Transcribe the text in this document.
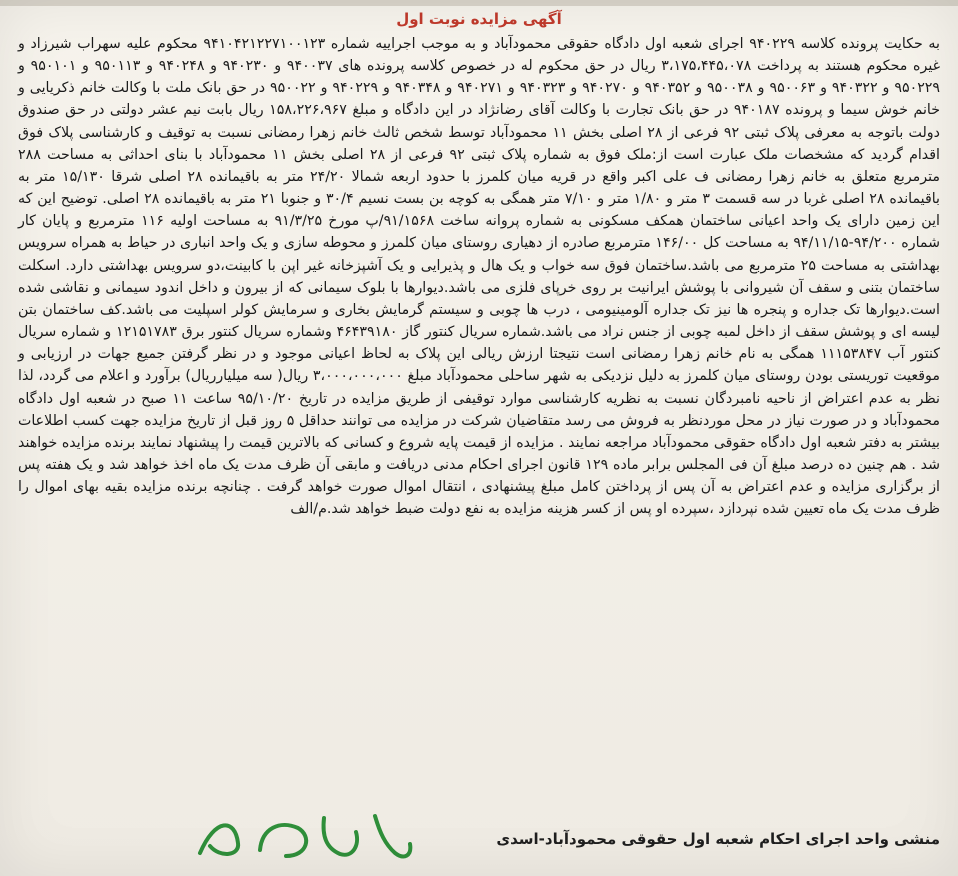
آگهی مزایده نوبت اول

به حکایت پرونده کلاسه ۹۴۰۲۲۹ اجرای شعبه اول دادگاه حقوقی محمودآباد و به موجب اجراییه شماره ۹۴۱۰۴۲۱۲۲۷۱۰۰۱۲۳ محکوم علیه سهراب شیرزاد و غیره محکوم هستند به پرداخت ۳،۱۷۵،۴۴۵،۰۷۸ ریال در حق محکوم له در خصوص کلاسه پرونده های ۹۴۰۰۳۷ و ۹۴۰۲۳۰ و ۹۴۰۲۴۸ و ۹۵۰۱۱۳ و ۹۵۰۱۰۱ و ۹۵۰۲۲۹ و ۹۴۰۳۲۲ و ۹۵۰۰۶۳ و ۹۵۰۰۳۸ و ۹۴۰۳۵۲ و ۹۴۰۲۷۰ و ۹۴۰۳۲۳ و ۹۴۰۲۷۱ و ۹۴۰۳۴۸ و ۹۴۰۲۲۹ و ۹۵۰۰۲۲ در حق بانک ملت با وکالت خانم ذکریایی و خانم خوش سیما و پرونده ۹۴۰۱۸۷ در حق بانک تجارت با وکالت آقای رضانژاد در این دادگاه و مبلغ ۱۵۸،۲۲۶،۹۶۷ ریال بابت نیم عشر دولتی در حق صندوق دولت باتوجه به معرفی پلاک ثبتی ۹۲ فرعی از ۲۸ اصلی بخش ۱۱ محمودآباد توسط شخص ثالث خانم زهرا رمضانی نسبت به توقیف و کارشناسی پلاک فوق اقدام گردید که مشخصات ملک عبارت است از:ملک فوق به شماره پلاک ثبتی ۹۲ فرعی از ۲۸ اصلی بخش ۱۱ محمودآباد با بنای احداثی به مساحت ۲۸۸ مترمربع متعلق به خانم زهرا رمضانی ف علی اکبر واقع در قریه میان کلمرز با حدود اربعه شمالا ۲۴/۲۰ متر به باقیمانده ۲۸ اصلی شرقا ۱۵/۱۳۰ متر به باقیمانده ۲۸ اصلی غربا در سه قسمت ۳ متر و ۱/۸۰ متر و ۷/۱۰ متر همگی به کوچه بن بست نسیم ۳۰/۴ و جنوبا ۲۱ متر به باقیمانده ۲۸ اصلی. توضیح این که این زمین دارای یک واحد اعیانی ساختمان همکف مسکونی به شماره پروانه ساخت ۹۱/۱۵۶۸/پ مورخ ۹۱/۳/۲۵ به مساحت اولیه ۱۱۶ مترمربع و پایان کار شماره ۹۴/۲۰۰-۹۴/۱۱/۱۵ به مساحت کل ۱۴۶/۰۰ مترمربع صادره از دهیاری روستای میان کلمرز و محوطه سازی و یک واحد انباری در حیاط به همراه سرویس بهداشتی به مساحت ۲۵ مترمربع می باشد.ساختمان فوق سه خواب و یک هال و پذیرایی و یک آشپزخانه غیر اپن با کابینت،دو سرویس بهداشتی دارد. اسکلت ساختمان بتنی و سقف آن شیروانی با پوشش ایرانیت بر روی خرپای فلزی می باشد.دیوارها با بلوک سیمانی که از بیرون و داخل اندود سیمانی و نقاشی شده است.دیوارها تک جداره و پنجره ها نیز تک جداره آلومینیومی ، درب ها چوبی و سیستم گرمایش بخاری و سرمایش کولر اسپلیت می باشد.کف ساختمان بتن لیسه ای و پوشش سقف از داخل لمبه چوبی از جنس نراد می باشد.شماره سریال کنتور گاز ۴۶۴۳۹۱۸۰ وشماره سریال کنتور برق ۱۲۱۵۱۷۸۳ و شماره سریال کنتور آب ۱۱۱۵۳۸۴۷ همگی به نام خانم زهرا رمضانی است نتیجتا ارزش ریالی این پلاک به لحاظ اعیانی موجود و در نظر گرفتن جمیع جهات در ارزیابی و موقعیت توریستی بودن روستای میان کلمرز به دلیل نزدیکی به شهر ساحلی محمودآباد مبلغ ۳،۰۰۰،۰۰۰،۰۰۰ ریال( سه میلیارریال) برآورد و اعلام می گردد، لذا نظر به عدم اعتراض از ناحیه نامبردگان نسبت به نظریه کارشناسی موارد توقیفی از طریق مزایده در تاریخ ۹۵/۱۰/۲۰ ساعت ۱۱ صبح در شعبه اول دادگاه محمودآباد و در صورت نیاز در محل موردنظر به فروش می رسد متقاضیان شرکت در مزایده می توانند حداقل ۵ روز قبل از تاریخ مزایده جهت کسب اطلاعات بیشتر به دفتر شعبه اول دادگاه حقوقی محمودآباد مراجعه نمایند . مزایده از قیمت پایه شروع و کسانی که بالاترین قیمت را پیشنهاد نمایند برنده مزایده خواهند شد . هم چنین ده درصد مبلغ آن فی المجلس برابر ماده ۱۲۹ قانون اجرای احکام مدنی دریافت و مابقی آن ظرف مدت یک ماه اخذ خواهد شد و یک هفته پس از برگزاری مزایده و عدم اعتراض به آن پس از پرداختن کامل مبلغ پیشنهادی ، انتقال اموال صورت خواهد گرفت . چنانچه برنده مزایده بقیه بهای اموال را ظرف مدت یک ماه تعیین شده نپردازد ،سپرده او پس از کسر هزینه مزایده به نفع دولت ضبط خواهد شد.م/الف

منشی واحد اجرای احکام شعبه اول حقوقی محمودآباد-اسدی
